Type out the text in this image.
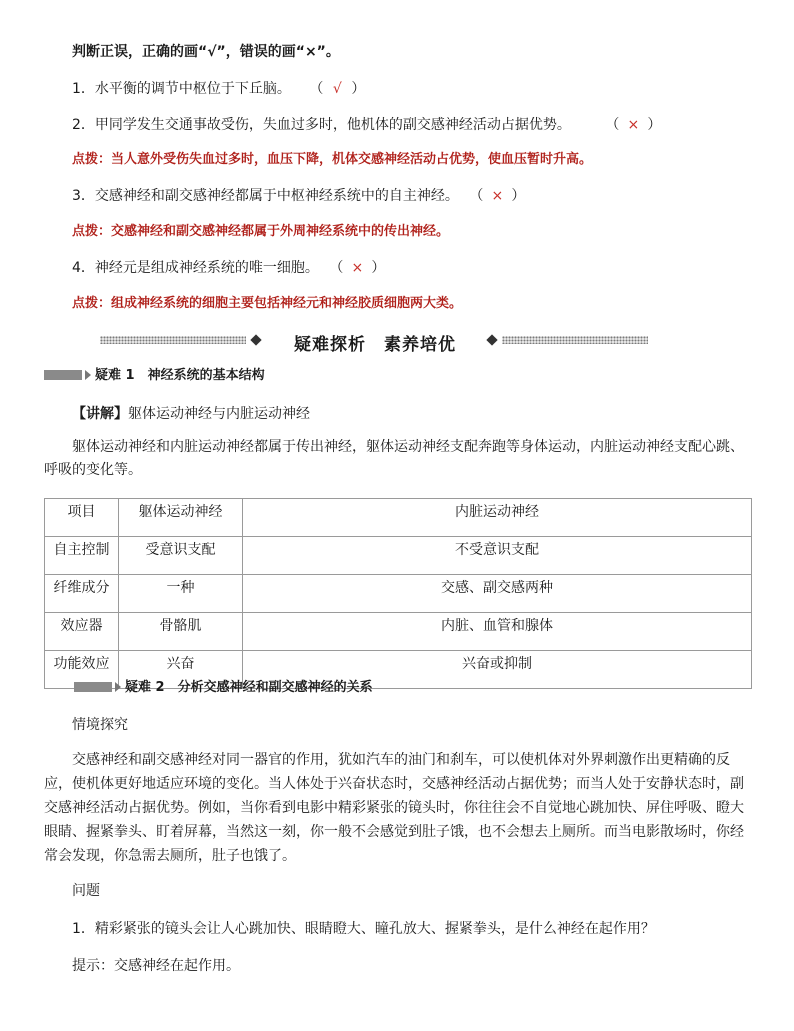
判断正误，正确的画“√”，错误的画“×”。
1．水平衡的调节中枢位于下丘脑。 （ √ ）
2．甲同学发生交通事故受伤，失血过多时，他机体的副交感神经活动占据优势。 （ × ）
点拨：当人意外受伤失血过多时，血压下降，机体交感神经活动占优势，使血压暂时升高。
3．交感神经和副交感神经都属于中枢神经系统中的自主神经。 （ × ）
点拨：交感神经和副交感神经都属于外周神经系统中的传出神经。
4．神经元是组成神经系统的唯一细胞。 （ × ）
点拨：组成神经系统的细胞主要包括神经元和神经胶质细胞两大类。
疑难探析　素养培优
疑难 1　神经系统的基本结构
【讲解】躯体运动神经与内脏运动神经
躯体运动神经和内脏运动神经都属于传出神经，躯体运动神经支配奔跑等身体运动，内脏运动神经支配心跳、呼吸的变化等。
项目	躯体运动神经	内脏运动神经
自主控制	受意识支配	不受意识支配
纤维成分	一种	交感、副交感两种
效应器	骨骼肌	内脏、血管和腺体
功能效应	兴奋	兴奋或抑制
疑难 2　分析交感神经和副交感神经的关系
情境探究
交感神经和副交感神经对同一器官的作用，犹如汽车的油门和刹车，可以使机体对外界刺激作出更精确的反应，使机体更好地适应环境的变化。当人体处于兴奋状态时，交感神经活动占据优势；而当人处于安静状态时，副交感神经活动占据优势。例如，当你看到电影中精彩紧张的镜头时，你往往会不自觉地心跳加快、屏住呼吸、瞪大眼睛、握紧拳头、盯着屏幕，当然这一刻，你一般不会感觉到肚子饿，也不会想去上厕所。而当电影散场时，你经常会发现，你急需去厕所，肚子也饿了。
问题
1．精彩紧张的镜头会让人心跳加快、眼睛瞪大、瞳孔放大、握紧拳头，是什么神经在起作用？
提示：交感神经在起作用。
